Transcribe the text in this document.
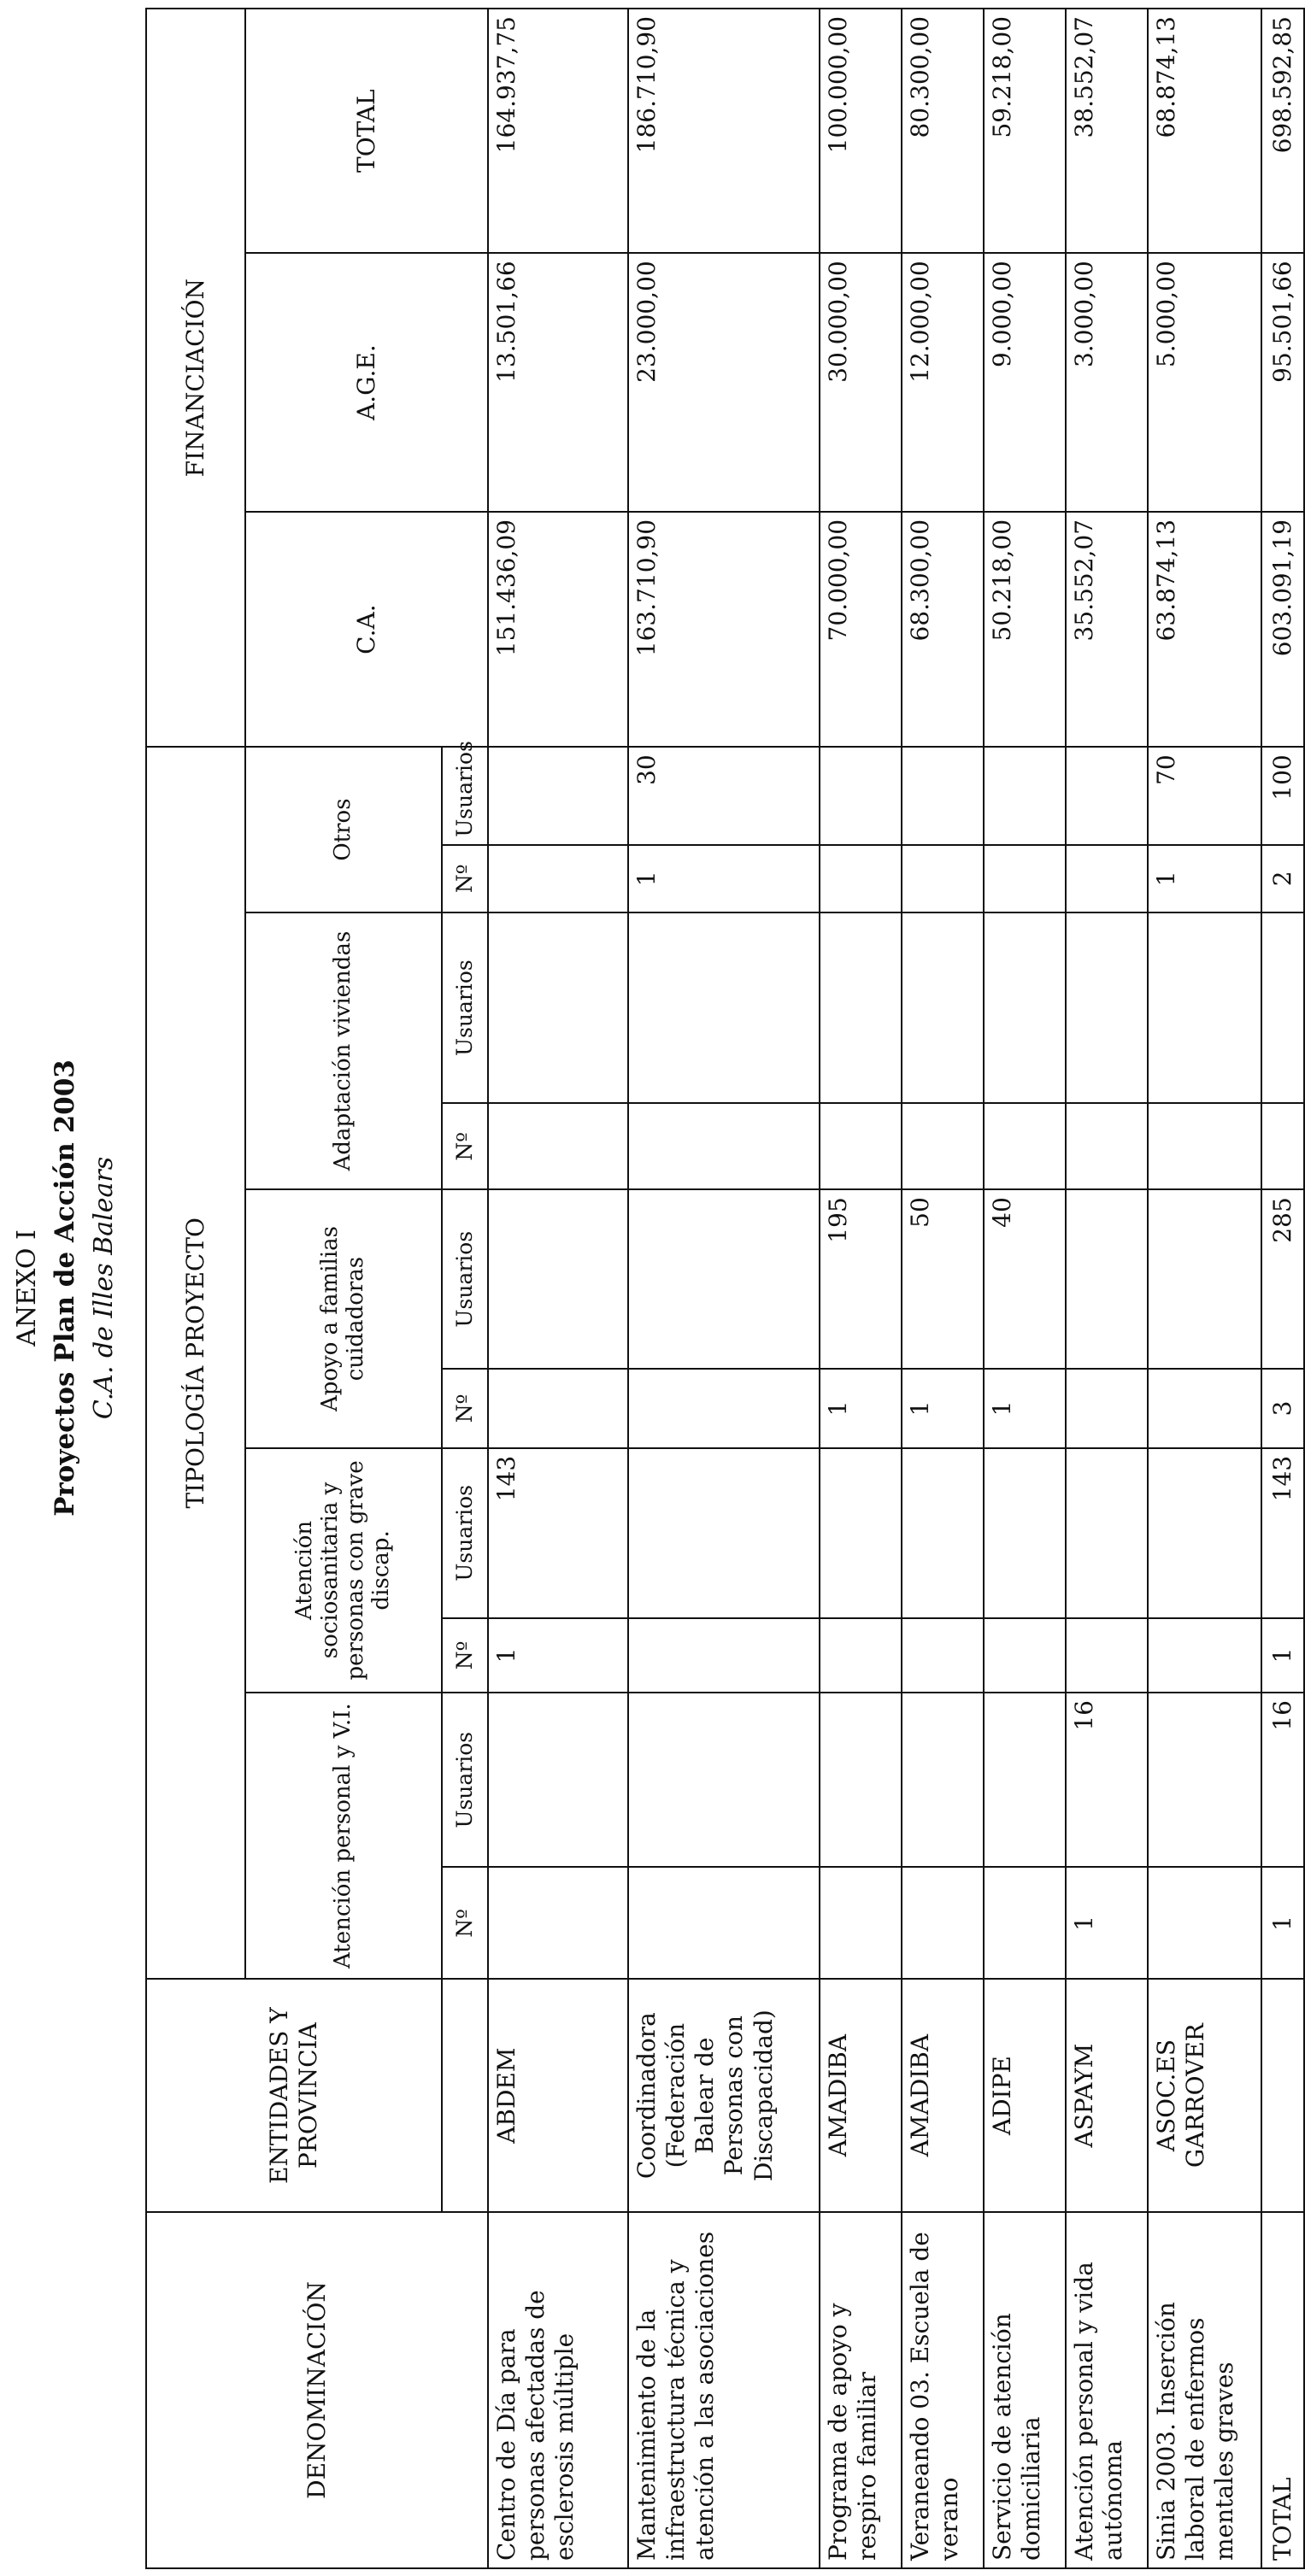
ANEXO I Proyectos Plan de Acción 2003 C.A. de Illes Balears
DENOMINACIÓN	ENTIDADES Y PROVINCIA	TIPOLOGÍA PROYECTO										FINANCIACIÓN		
		Atención personal y V.I.		Atención sociosanitaria y personas con grave discap.		Apoyo a familias cuidadoras		Adaptación viviendas		Otros		C.A.	A.G.E.	TOTAL
		Nº	Usuarios	Nº	Usuarios	Nº	Usuarios	Nº	Usuarios	Nº	Usuarios			
Centro de Día para personas afectadas de esclerosis múltiple	ABDEM			1	143							151.436,09	13.501,66	164.937,75
Mantenimiento de la infraestructura técnica y atención a las asociaciones	Coordinadora (Federación Balear de Personas con Discapacidad)									1	30	163.710,90	23.000,00	186.710,90
Programa de apoyo y respiro familiar	AMADIBA					1	195					70.000,00	30.000,00	100.000,00
Veraneando 03. Escuela de verano	AMADIBA					1	50					68.300,00	12.000,00	80.300,00
Servicio de atención domiciliaria	ADIPE					1	40					50.218,00	9.000,00	59.218,00
Atención personal y vida autónoma	ASPAYM	1	16									35.552,07	3.000,00	38.552,07
Sinia 2003. Inserción laboral de enfermos mentales graves	ASOC.ES GARROVER									1	70	63.874,13	5.000,00	68.874,13
TOTAL		1	16	1	143	3	285			2	100	603.091,19	95.501,66	698.592,85
